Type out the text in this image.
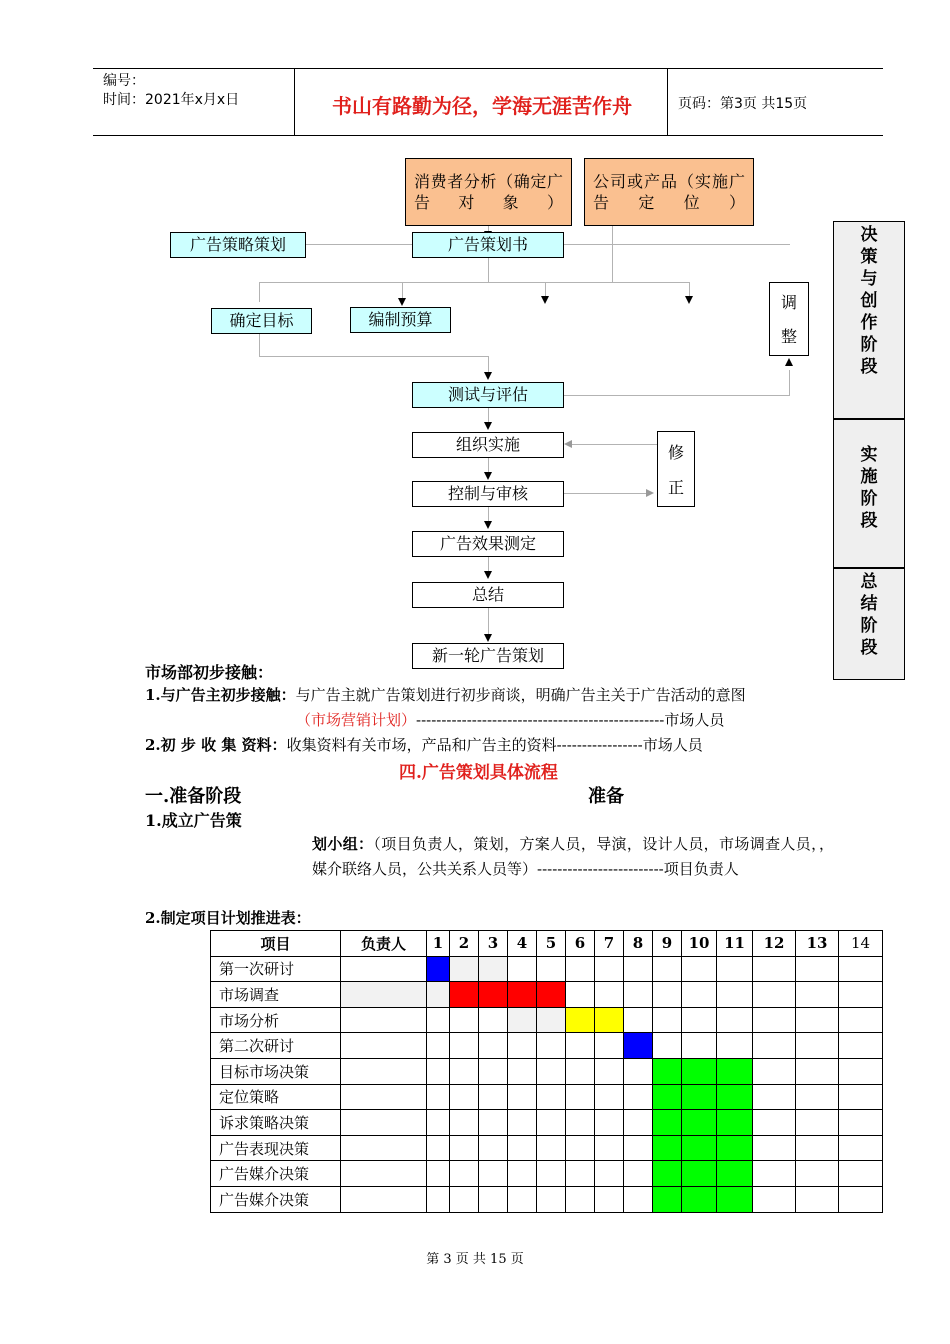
编号：
时间：2021年x月x日	书山有路勤为径，学海无涯苦作舟	页码：第3页 共15页
消费者分析（确定广告对象）
公司或产品（实施广告定位）
广告策略策划	广告策划书
确定目标	编制预算
测试与评估
组织实施
控制与审核
广告效果测定
总结
新一轮广告策划
调整
修正
决策与创作阶段
实施阶段
总结阶段
市场部初步接触：
1.与广告主初步接触：与广告主就广告策划进行初步商谈，明确广告主关于广告活动的意图
（市场营销计划）-------------------------------------------------市场人员
2.初 步 收 集 资料：收集资料有关市场，产品和广告主的资料-----------------市场人员
四.广告策划具体流程
一.准备阶段	准备
1.成立广告策
划小组：（项目负责人，策划，方案人员，导演，设计人员，市场调查人员，，媒介联络人员，公共关系人员等）-------------------------项目负责人
2.制定项目计划推进表：
项目	负责人	1	2	3	4	5	6	7	8	9	10	11	12	13	14
第一次研讨															
市场调查															
市场分析															
第二次研讨															
目标市场决策															
定位策略															
诉求策略决策															
广告表现决策															
广告媒介决策															
广告媒介决策															
第 3 页 共 15 页
